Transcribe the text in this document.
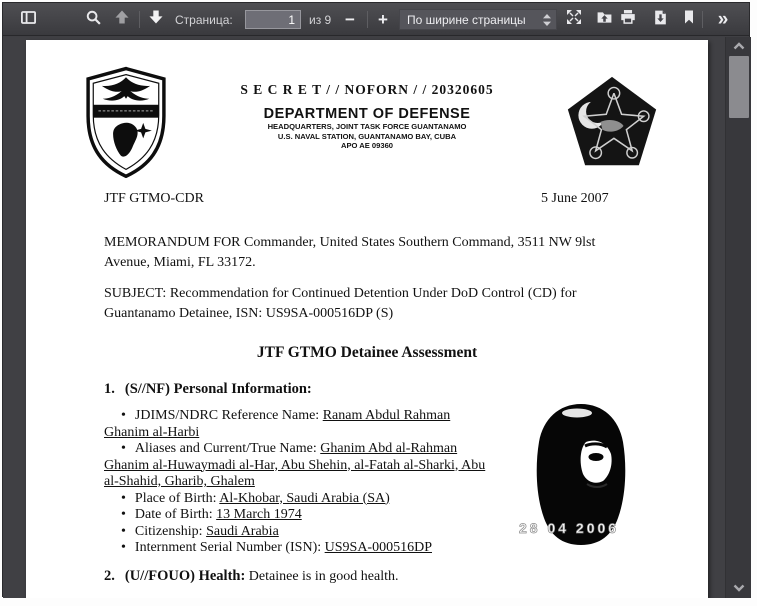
Страница:
1	из 9 −	+	По ширине страницы	»
S E C R E T / / NOFORN / / 20320605
DEPARTMENT OF DEFENSE
HEADQUARTERS, JOINT TASK FORCE GUANTANAMO
U.S. NAVAL STATION, GUANTANAMO BAY, CUBA
APO AE 09360
JTF GTMO-CDR	5 June 2007
MEMORANDUM FOR Commander, United States Southern Command, 3511 NW 9lst Avenue, Miami, FL 33172.
SUBJECT: Recommendation for Continued Detention Under DoD Control (CD) for Guantanamo Detainee, ISN: US9SA-000516DP (S)
JTF GTMO Detainee Assessment
1. (S//NF) Personal Information:
• JDIMS/NDRC Reference Name: Ranam Abdul Rahman Ghanim al-Harbi
• Aliases and Current/True Name: Ghanim Abd al-Rahman Ghanim al-Huwaymadi al-Har, Abu Shehin, al-Fatah al-Sharki, Abu al-Shahid, Gharib, Ghalem
• Place of Birth: Al-Khobar, Saudi Arabia (SA)
• Date of Birth: 13 March 1974
• Citizenship: Saudi Arabia
• Internment Serial Number (ISN): US9SA-000516DP
28 04 2006
2. (U//FOUO) Health: Detainee is in good health.
